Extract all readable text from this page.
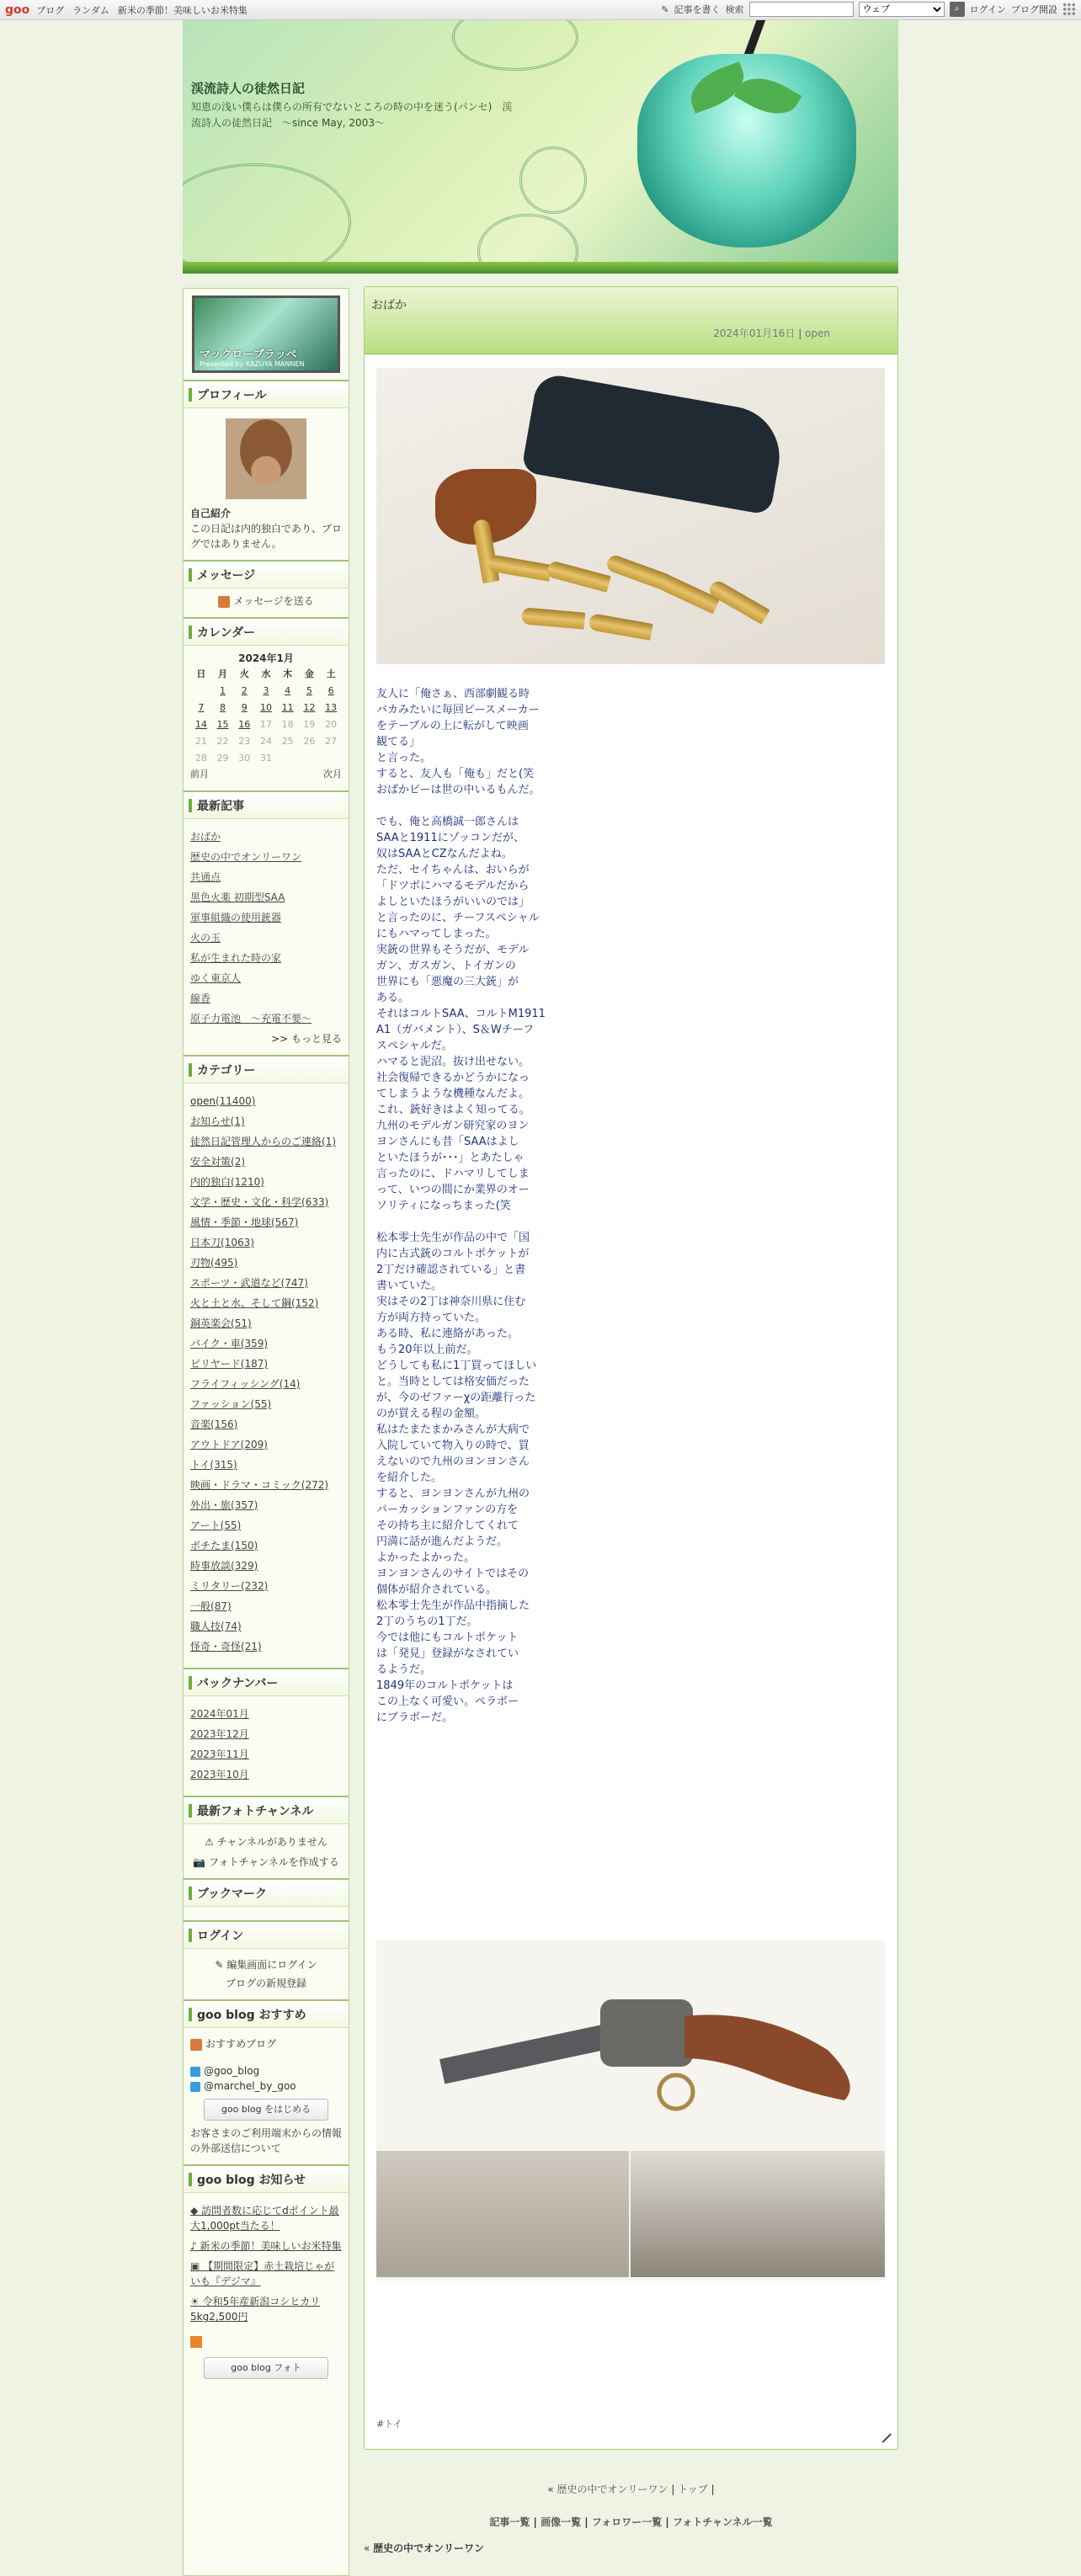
goo ブログ ランダム 新米の季節！美味しいお米特集	✎ 記事を書く 検索
ウェブ	⌕	ログイン ブログ開設
渓流詩人の徒然日記
知恵の浅い僕らは僕らの所有でないところの時の中を迷う(パンセ)　渓流詩人の徒然日記　～since May, 2003～
マックローブラッペ
Presented by KAZUYA MANNEN
プロフィール
自己紹介
この日記は内的独白であり、ブログではありません。
メッセージ
メッセージを送る
カレンダー
2024年1月
日	月	火	水	木	金	土
	1	2	3	4	5	6
7	8	9	10	11	12	13
14	15	16	17	18	19	20
21	22	23	24	25	26	27
28	29	30	31			
前月	次月
最新記事
おばか
歴史の中でオンリーワン
共通点
黒色火薬 初期型SAA
軍事組織の使用銃器
火の玉
私が生まれた時の家
ゆく東京人
線香
原子力電池　～充電不要～
>> もっと見る
カテゴリー
open(11400)
お知らせ(1)
徒然日記管理人からのご連絡(1)
安全対策(2)
内的独白(1210)
文学・歴史・文化・科学(633)
風情・季節・地球(567)
日本刀(1063)
刃物(495)
スポーツ・武道など(747)
火と土と水、そして鋼(152)
銅英楽会(51)
バイク・車(359)
ビリヤード(187)
フライフィッシング(14)
ファッション(55)
音楽(156)
アウトドア(209)
トイ(315)
映画・ドラマ・コミック(272)
外出・旅(357)
アート(55)
ボチたま(150)
時事放談(329)
ミリタリー(232)
一般(87)
職人技(74)
怪奇・奇怪(21)
バックナンバー
2024年01月
2023年12月
2023年11月
2023年10月
最新フォトチャンネル
⚠ チャンネルがありません
📷 フォトチャンネルを作成する
ブックマーク
ログイン
✎ 編集画面にログイン
ブログの新規登録
goo blog おすすめ
おすすめブログ
@goo_blog
@marchel_by_goo
goo blog をはじめる
お客さまのご利用端末からの情報の外部送信について
goo blog お知らせ
◆ 訪問者数に応じてdポイント最大1,000pt当たる！
♪ 新米の季節！美味しいお米特集
▣ 【期間限定】赤土栽培じゃがいも『デジマ』
☀ 令和5年産新潟コシヒカリ5kg2,500円
goo blog フォト
おばか
2024年01月16日 | open
友人に「俺さぁ、西部劇観る時
バカみたいに毎回ピースメーカー
をテーブルの上に転がして映画
観てる」
と言った。
すると、友人も「俺も」だと(笑
おばかビーは世の中いるもんだ。

でも、俺と高橋誠一郎さんは
SAAと1911にゾッコンだが、
奴はSAAとCZなんだよね。
ただ、セイちゃんは、おいらが
「ドツボにハマるモデルだから
よしといたほうがいいのでは」
と言ったのに、チーフスペシャル
にもハマってしまった。
実銃の世界もそうだが、モデル
ガン、ガスガン、トイガンの
世界にも「悪魔の三大銃」が
ある。
それはコルトSAA、コルトM1911
A1（ガバメント）、S＆Wチーフ
スペシャルだ。
ハマると泥沼。抜け出せない。
社会復帰できるかどうかになっ
てしまうような機種なんだよ。
これ、銃好きはよく知ってる。
九州のモデルガン研究家のヨン
ヨンさんにも昔「SAAはよし
といたほうが･･･」とあたしゃ
言ったのに、ドハマリしてしま
って、いつの間にか業界のオー
ソリティになっちまった(笑

松本零士先生が作品の中で「国
内に古式銃のコルトポケットが
2丁だけ確認されている」と書
書いていた。
実はその2丁は神奈川県に住む
方が両方持っていた。
ある時、私に連絡があった。
もう20年以上前だ。
どうしても私に1丁買ってほしい
と。当時としては格安価だった
が、今のゼファーχの距離行った
のが買える程の金額。
私はたまたまかみさんが大病で
入院していて物入りの時で、買
えないので九州のヨンヨンさん
を紹介した。
すると、ヨンヨンさんが九州の
パーカッションファンの方を
その持ち主に紹介してくれて
円満に話が進んだようだ。
よかったよかった。
ヨンヨンさんのサイトではその
個体が紹介されている。
松本零士先生が作品中指摘した
2丁のうちの1丁だ。
今では他にもコルトポケット
は「発見」登録がなされてい
るようだ。
1849年のコルトポケットは
この上なく可愛い。ペラボー
にブラボーだ。
#トイ
« 歴史の中でオンリーワン | トップ |
記事一覧 | 画像一覧 | フォロワー一覧 | フォトチャンネル一覧
« 歴史の中でオンリーワン
